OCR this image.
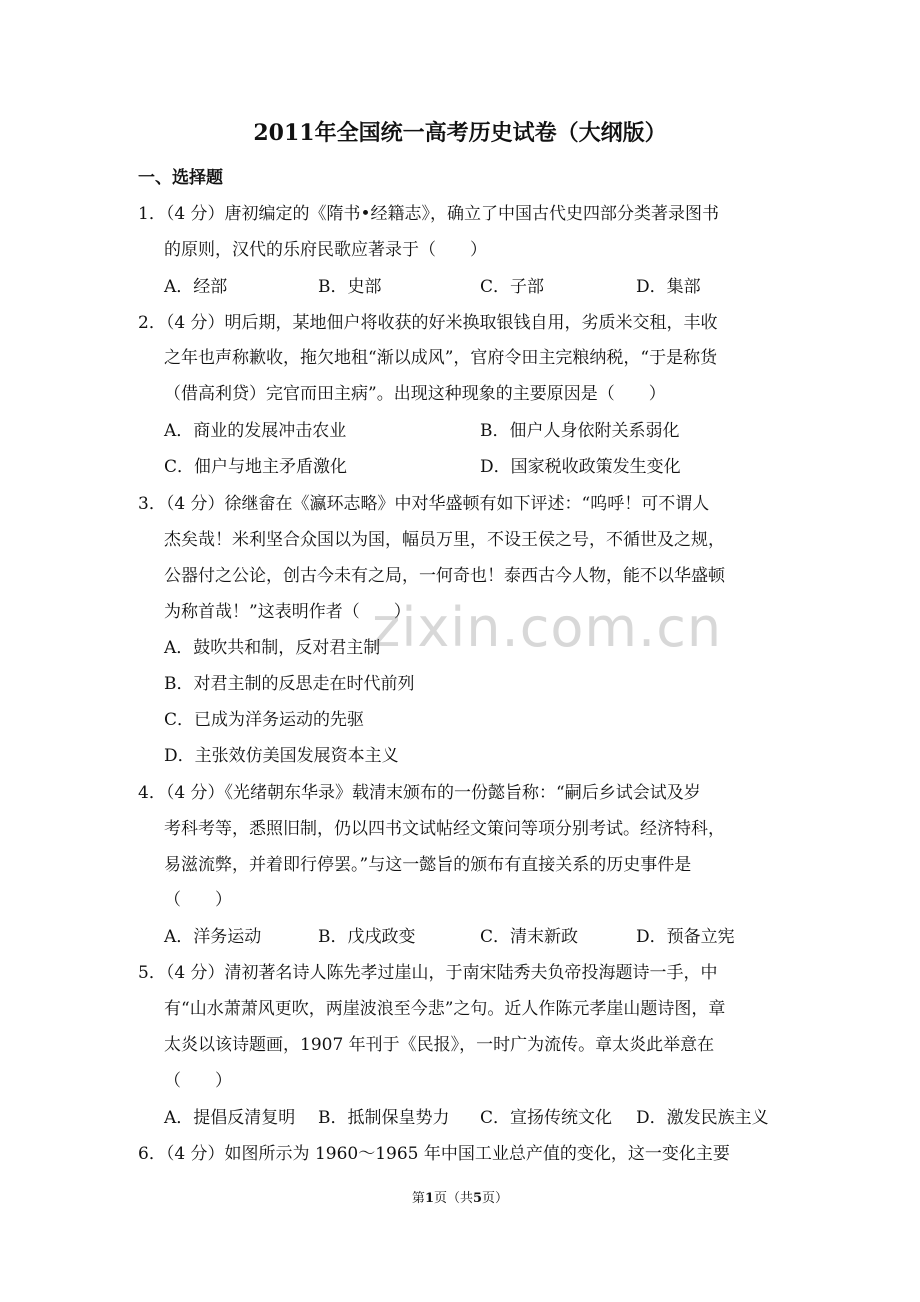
2011年全国统一高考历史试卷（大纲版）
一、选择题
zixin.com.cn
1．（4 分）唐初编定的《隋书•经籍志》，确立了中国古代史四部分类著录图书
的原则，汉代的乐府民歌应著录于（　　）
A．经部	B．史部	C．子部	D．集部
2．（4 分）明后期，某地佃户将收获的好米换取银钱自用，劣质米交租，丰收
之年也声称歉收，拖欠地租“渐以成风”，官府令田主完粮纳税，“于是称货
（借高利贷）完官而田主病”。出现这种现象的主要原因是（　　）
A．商业的发展冲击农业	B．佃户人身依附关系弱化
C．佃户与地主矛盾激化	D．国家税收政策发生变化
3．（4 分）徐继畲在《瀛环志略》中对华盛顿有如下评述：“呜呼！可不谓人
杰矣哉！米利坚合众国以为国，幅员万里，不设王侯之号，不循世及之规，
公器付之公论，创古今未有之局，一何奇也！泰西古今人物，能不以华盛顿
为称首哉！”这表明作者（　　）
A．鼓吹共和制，反对君主制
B．对君主制的反思走在时代前列
C．已成为洋务运动的先驱
D．主张效仿美国发展资本主义
4．（4 分）《光绪朝东华录》载清末颁布的一份懿旨称：“嗣后乡试会试及岁
考科考等，悉照旧制，仍以四书文试帖经文策问等项分别考试。经济特科，
易滋流弊，并着即行停罢。”与这一懿旨的颁布有直接关系的历史事件是
（　　）
A．洋务运动	B．戊戌政变	C．清末新政	D．预备立宪
5．（4 分）清初著名诗人陈先孝过崖山，于南宋陆秀夫负帝投海题诗一手，中
有“山水萧萧风更吹，两崖波浪至今悲”之句。近人作陈元孝崖山题诗图，章
太炎以该诗题画，1907 年刊于《民报》，一时广为流传。章太炎此举意在
（　　）
A．提倡反清复明 B．抵制保皇势力 C．宣扬传统文化 D．激发民族主义
6．（4 分）如图所示为 1960～1965 年中国工业总产值的变化，这一变化主要
第1页（共5页）
